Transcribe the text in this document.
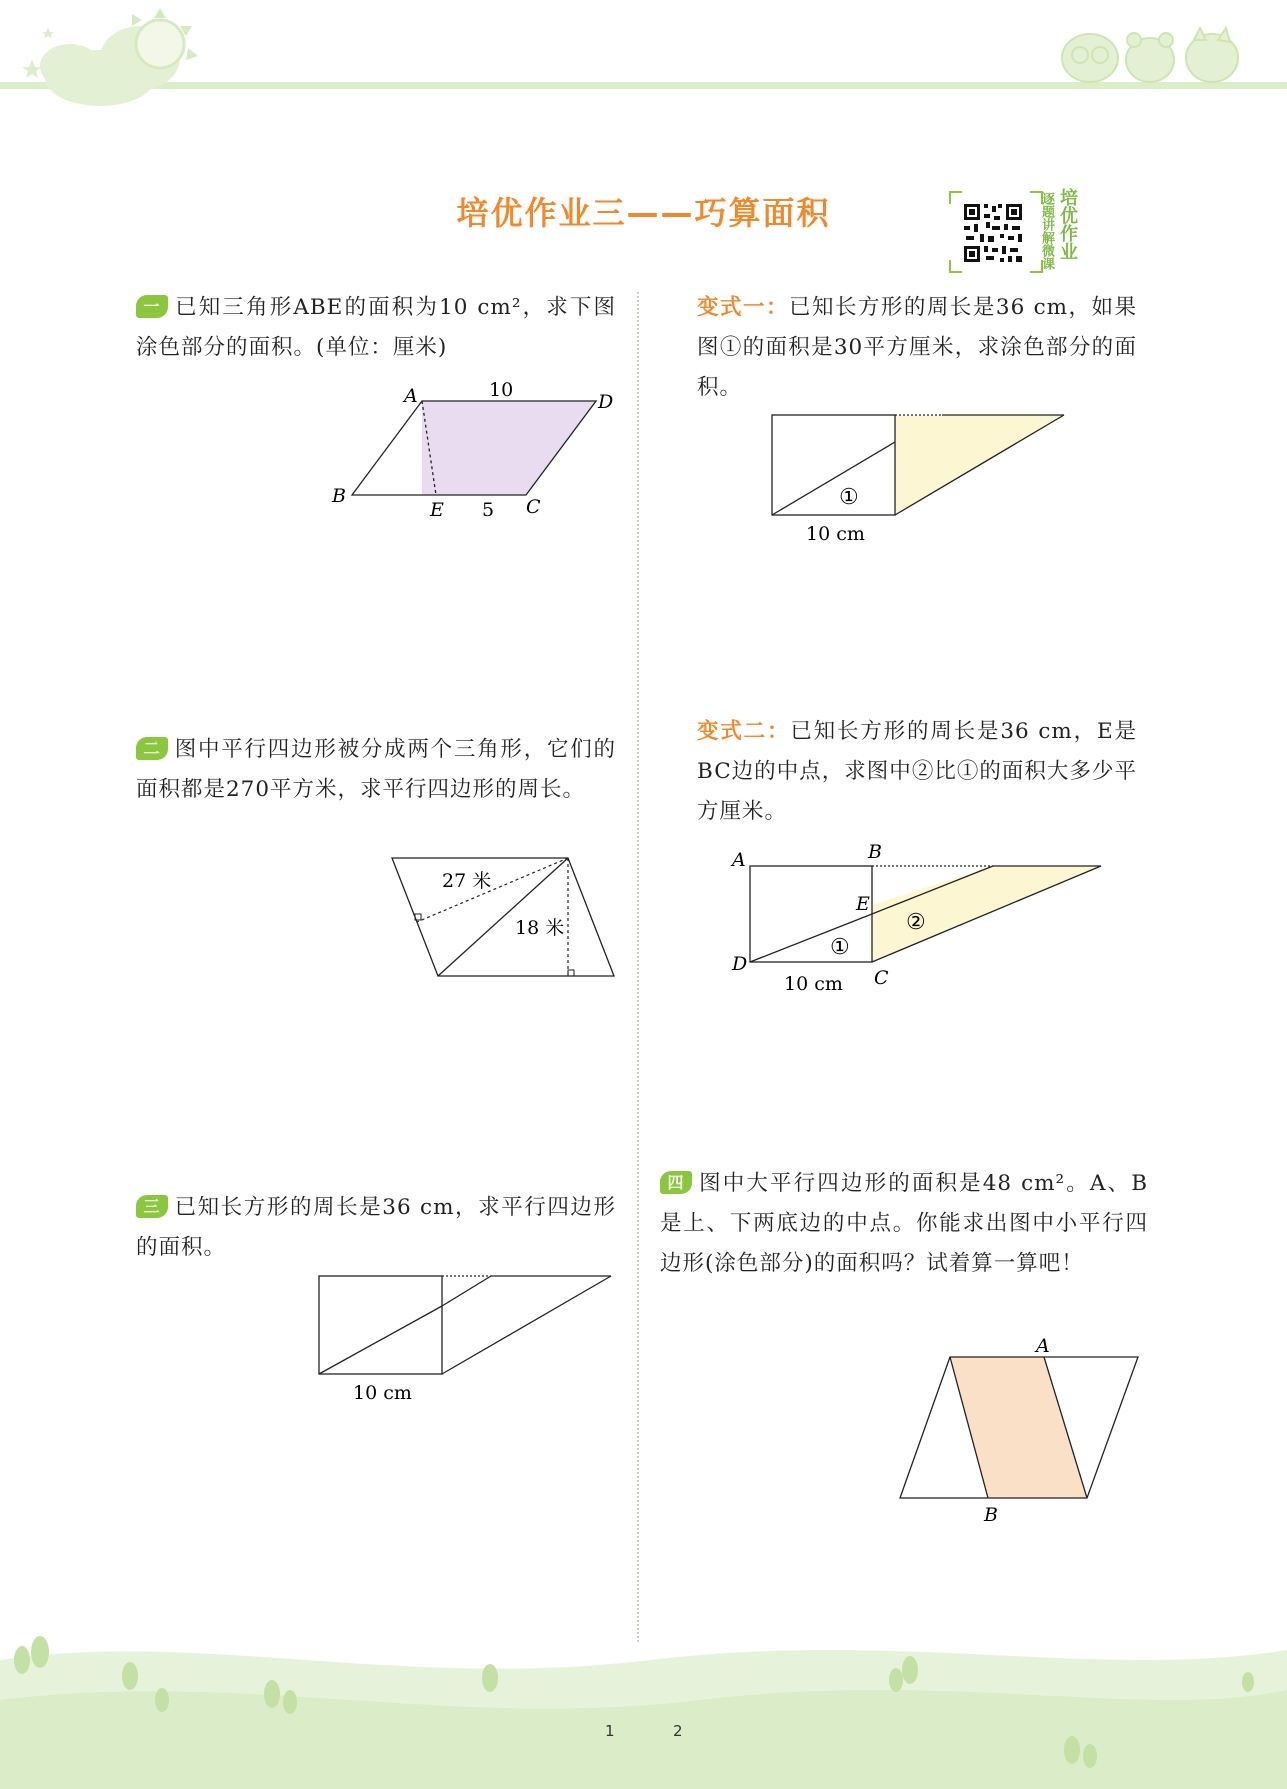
培优作业三——巧算面积	逐题讲解微课 培优作业
一 已知三角形ABE的面积为10 cm²，求下图涂色部分的面积。(单位：厘米)
A
B	C
D
E
10
5
变式一：已知长方形的周长是36 cm，如果图①的面积是30平方厘米，求涂色部分的面积。
①
10 cm
二 图中平行四边形被分成两个三角形，它们的面积都是270平方米，求平行四边形的周长。
27 米
18 米
变式二：已知长方形的周长是36 cm，E是BC边的中点，求图中②比①的面积大多少平方厘米。
A	B
C
D
E
①
②
10 cm
三 已知长方形的周长是36 cm，求平行四边形的面积。
10 cm
四 图中大平行四边形的面积是48 cm²。A、B是上、下两底边的中点。你能求出图中小平行四边形(涂色部分)的面积吗？试着算一算吧！
A
B
1	2
